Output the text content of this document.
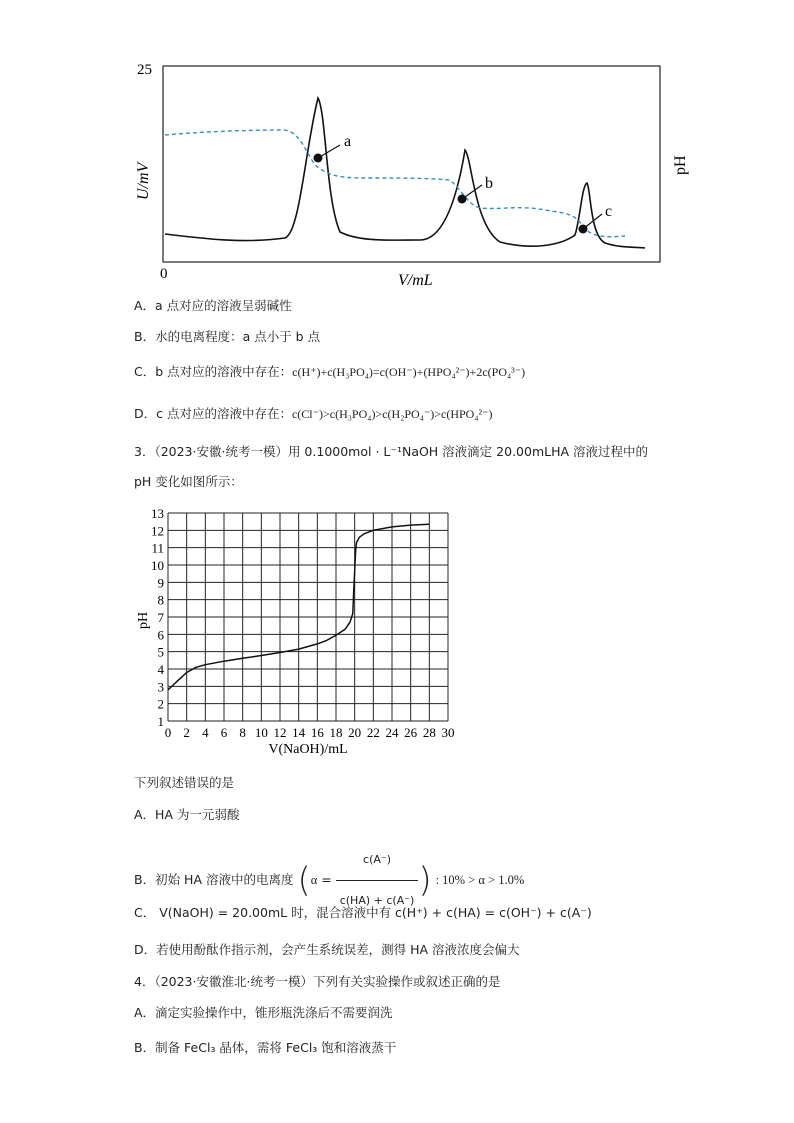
25
0
U/mV	pH
V/mL
a
b
c
A．a 点对应的溶液呈弱碱性
B．水的电离程度：a 点小于 b 点
C．b 点对应的溶液中存在：c(H⁺)+c(H₃PO₄)=c(OH⁻)+(HPO₄²⁻)+2c(PO₄³⁻)
D．c 点对应的溶液中存在：c(Cl⁻)>c(H₃PO₄)>c(H₂PO₄⁻)>c(HPO₄²⁻)
3．（2023·安徽·统考一模）用 0.1000mol · L⁻¹NaOH 溶液滴定 20.00mLHA 溶液过程中的
pH 变化如图所示：
1
2
3
4
5
6
7
8
9
10
11
12
13
0 2 4 6 8 10 12 14 16 18 20 22 24 26 28 30
pH
V(NaOH)/mL
下列叙述错误的是
A．HA 为一元弱酸
B．初始 HA 溶液中的电离度 ($\alpha = \frac{c(A^-)}{c(HA) + c(A^-)}$ ) : 10% > α > 1.0%
C． V(NaOH) = 20.00mL 时，混合溶液中有 c(H⁺) + c(HA) = c(OH⁻) + c(A⁻)
D．若使用酚酞作指示剂，会产生系统误差，测得 HA 溶液浓度会偏大
4．（2023·安徽淮北·统考一模）下列有关实验操作或叙述正确的是
A．滴定实验操作中，锥形瓶洗涤后不需要润洗
B．制备 FeCl₃ 晶体，需将 FeCl₃ 饱和溶液蒸干
